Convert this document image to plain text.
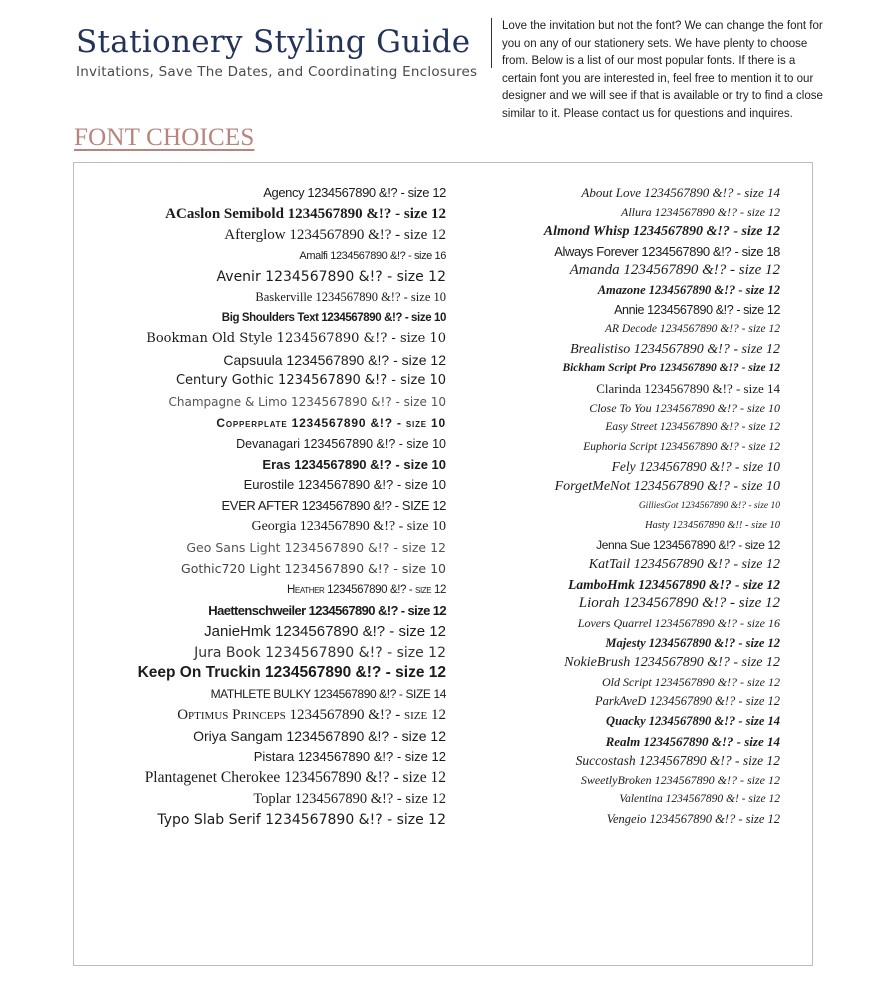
Stationery Styling Guide
Invitations, Save The Dates, and Coordinating Enclosures
Love the invitation but not the font? We can change the font for you on any of our stationery sets. We have plenty to choose from. Below is a list of our most popular fonts. If there is a certain font you are interested in, feel free to mention it to our designer and we will see if that is available or try to find a close similar to it. Please contact us for questions and inquires.
FONT CHOICES
Agency 1234567890 &!? - size 12
ACaslon Semibold 1234567890 &!? - size 12
Afterglow 1234567890 &!? - size 12
Amalfi 1234567890 &!? - size 16
Avenir 1234567890 &!? - size 12
Baskerville 1234567890 &!? - size 10
Big Shoulders Text 1234567890 &!? - size 10
Bookman Old Style 1234567890 &!? - size 10
Capsuula 1234567890 &!? - size 12
Century Gothic 1234567890 &!? - size 10
Champagne & Limo 1234567890 &!? - size 10
Copperplate 1234567890 &!? - size 10
Devanagari 1234567890 &!? - size 10
Eras 1234567890 &!? - size 10
Eurostile 1234567890 &!? - size 10
EVER AFTER 1234567890 &!? - SIZE 12
Georgia 1234567890 &!? - size 10
Geo Sans Light 1234567890 &!? - size 12
Gothic720 Light 1234567890 &!? - size 10
Heather 1234567890 &!? - size 12
Haettenschweiler 1234567890 &!? - size 12
JanieHmk 1234567890 &!? - size 12
Jura Book 1234567890 &!? - size 12
Keep On Truckin 1234567890 &!? - size 12
MATHLETE BULKY 1234567890 &!? - SIZE 14
Optimus Princeps 1234567890 &!? - size 12
Oriya Sangam 1234567890 &!? - size 12
Pistara 1234567890 &!? - size 12
Plantagenet Cherokee 1234567890 &!? - size 12
Toplar 1234567890 &!? - size 12
Typo Slab Serif 1234567890 &!? - size 12
About Love 1234567890 &!? - size 14
Allura 1234567890 &!? - size 12
Almond Whisp 1234567890 &!? - size 12
Always Forever 1234567890 &!? - size 18
Amanda 1234567890 &!? - size 12
Amazone 1234567890 &!? - size 12
Annie 1234567890 &!? - size 12
AR Decode 1234567890 &!? - size 12
Brealistiso 1234567890 &!? - size 12
Bickham Script Pro 1234567890 &!? - size 12
Clarinda 1234567890 &!? - size 14
Close To You 1234567890 &!? - size 10
Easy Street 1234567890 &!? - size 12
Euphoria Script 1234567890 &!? - size 12
Fely 1234567890 &!? - size 10
ForgetMeNot 1234567890 &!? - size 10
GilliesGot 1234567890 &!? - size 10
Hasty 1234567890 &!! - size 10
Jenna Sue 1234567890 &!? - size 12
KatTail 1234567890 &!? - size 12
LamboHmk 1234567890 &!? - size 12
Liorah 1234567890 &!? - size 12
Lovers Quarrel 1234567890 &!? - size 16
Majesty 1234567890 &!? - size 12
NokieBrush 1234567890 &!? - size 12
Old Script 1234567890 &!? - size 12
ParkAveD 1234567890 &!? - size 12
Quacky 1234567890 &!? - size 14
Realm 1234567890 &!? - size 14
Succostash 1234567890 &!? - size 12
SweetlyBroken 1234567890 &!? - size 12
Valentina 1234567890 &! - size 12
Vengeio 1234567890 &!? - size 12
